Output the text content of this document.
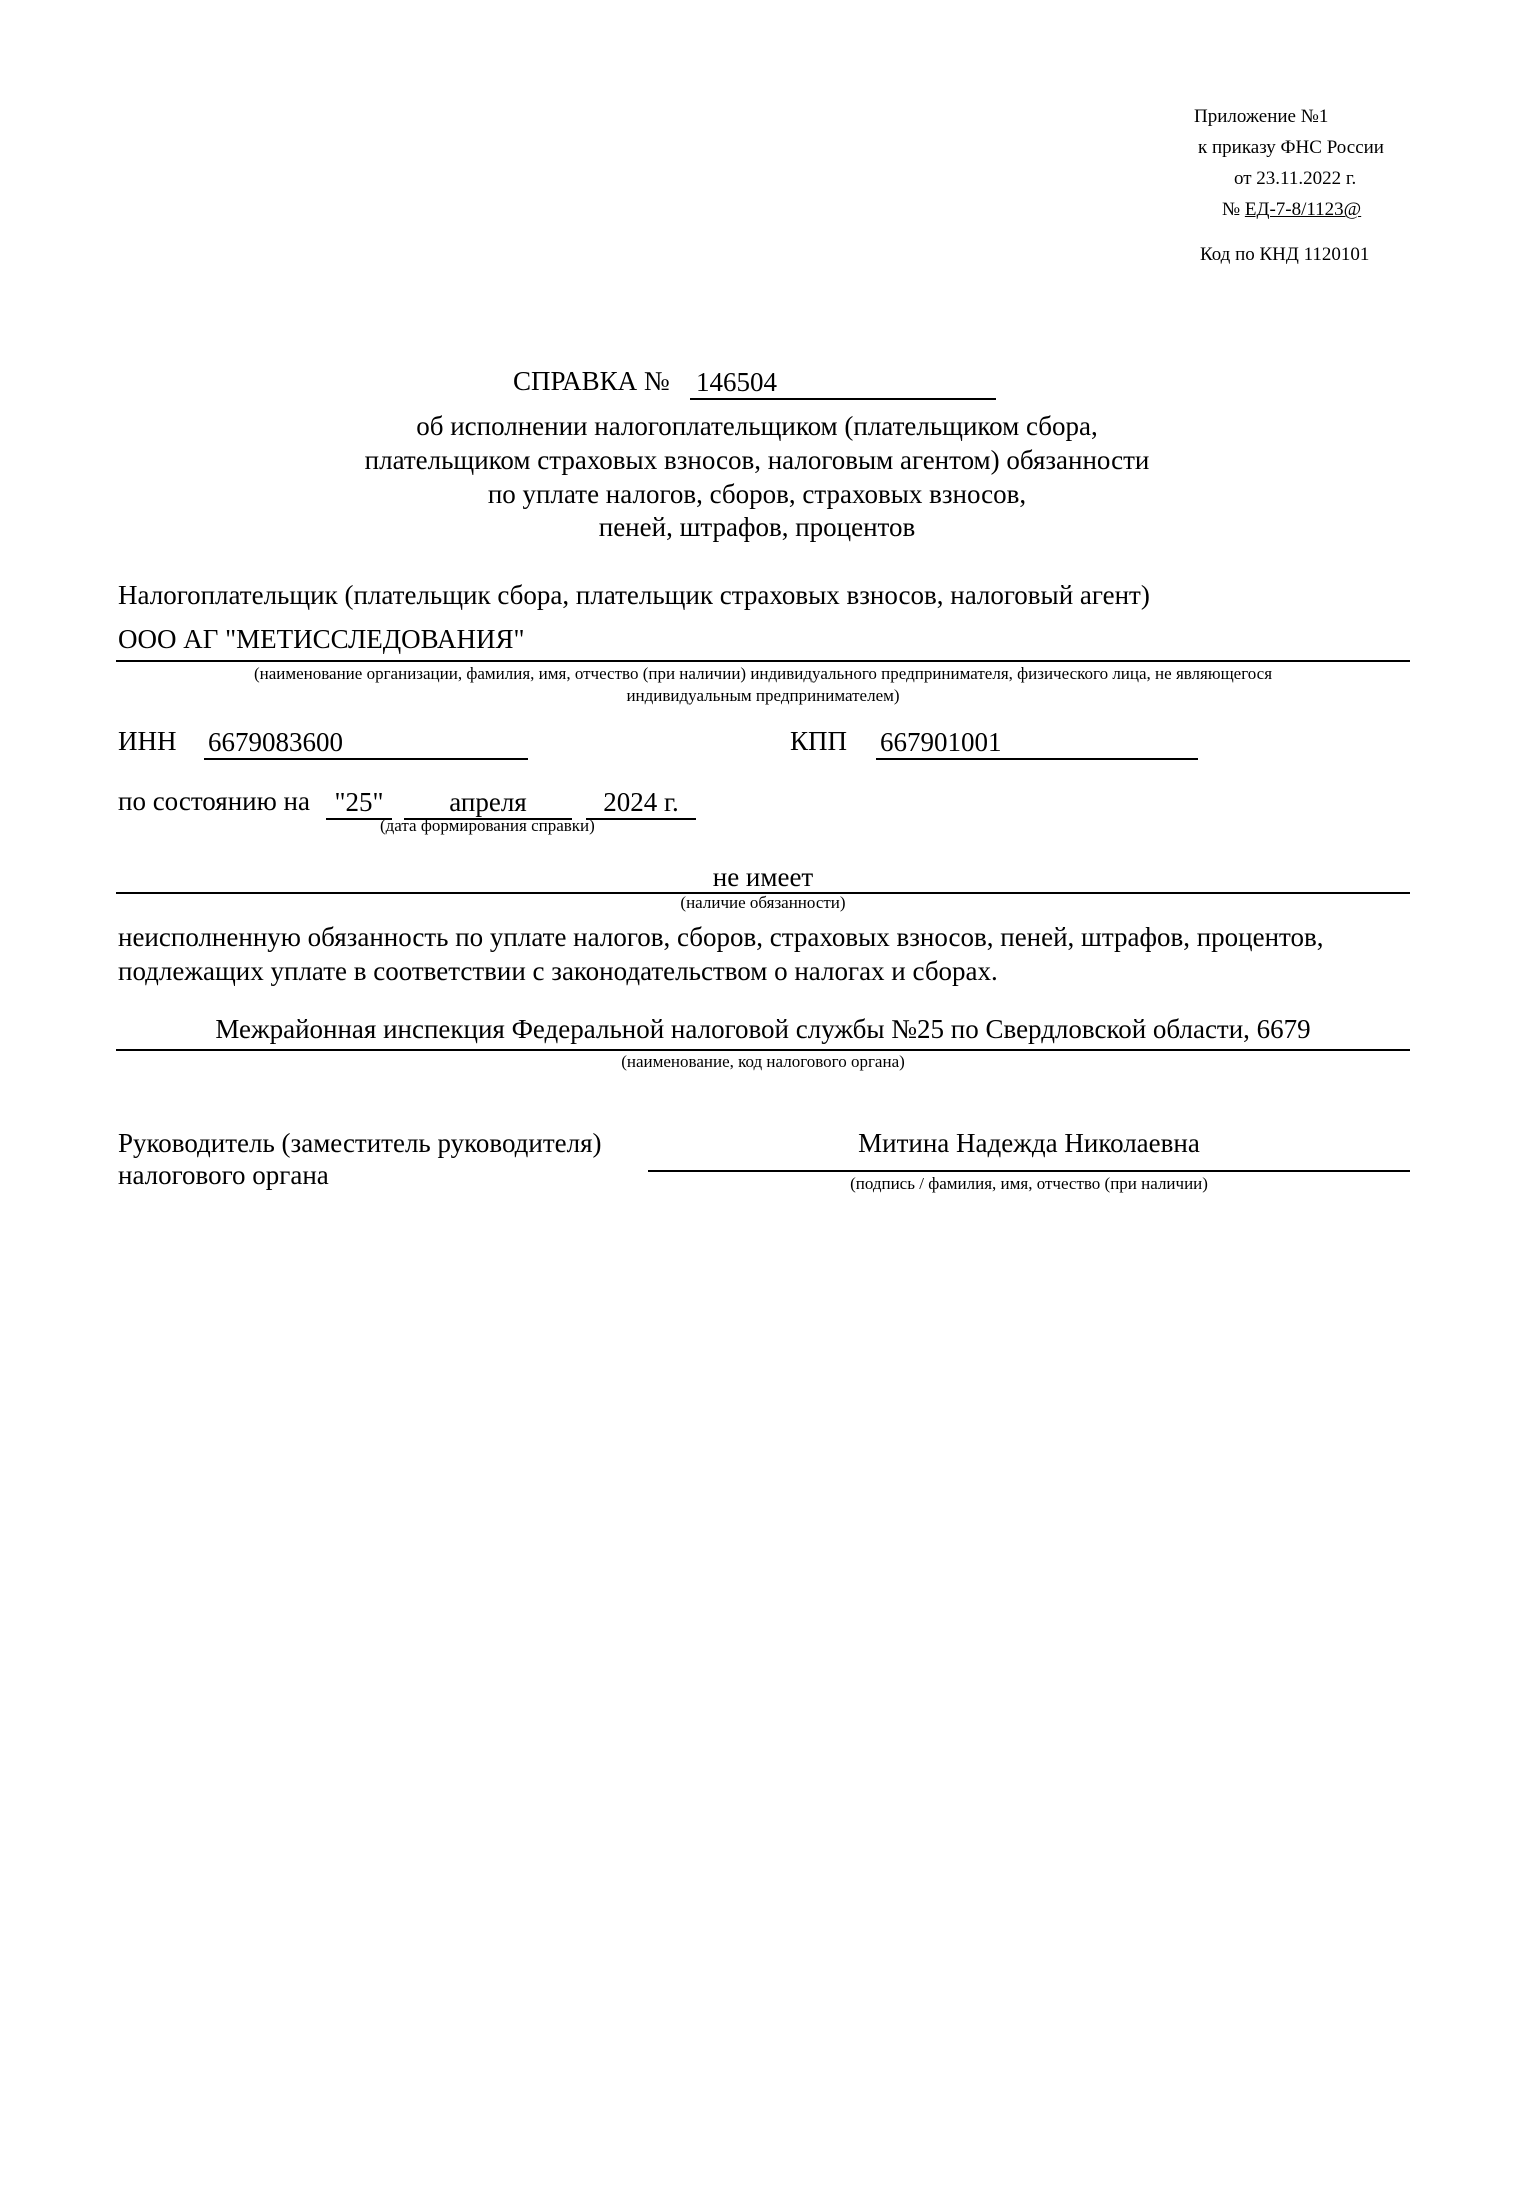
Приложение №1
к приказу ФНС России
от 23.11.2022 г.
№ ЕД-7-8/1123@
Код по КНД 1120101
СПРАВКА № 146504
об исполнении налогоплательщиком (плательщиком сбора,
плательщиком страховых взносов, налоговым агентом) обязанности
по уплате налогов, сборов, страховых взносов,
пеней, штрафов, процентов
Налогоплательщик (плательщик сбора, плательщик страховых взносов, налоговый агент)
ООО АГ "МЕТИССЛЕДОВАНИЯ"
(наименование организации, фамилия, имя, отчество (при наличии) индивидуального предпринимателя, физического лица, не являющегося
индивидуальным предпринимателем)
ИНН 6679083600	КПП 667901001
по состоянию на "25"	апреля	2024 г.
(дата формирования справки)
не имеет
(наличие обязанности)
неисполненную обязанность по уплате налогов, сборов, страховых взносов, пеней, штрафов, процентов,
подлежащих уплате в соответствии с законодательством о налогах и сборах.
Межрайонная инспекция Федеральной налоговой службы №25 по Свердловской области, 6679
(наименование, код налогового органа)
Руководитель (заместитель руководителя)
налогового органа
Митина Надежда Николаевна
(подпись / фамилия, имя, отчество (при наличии)
